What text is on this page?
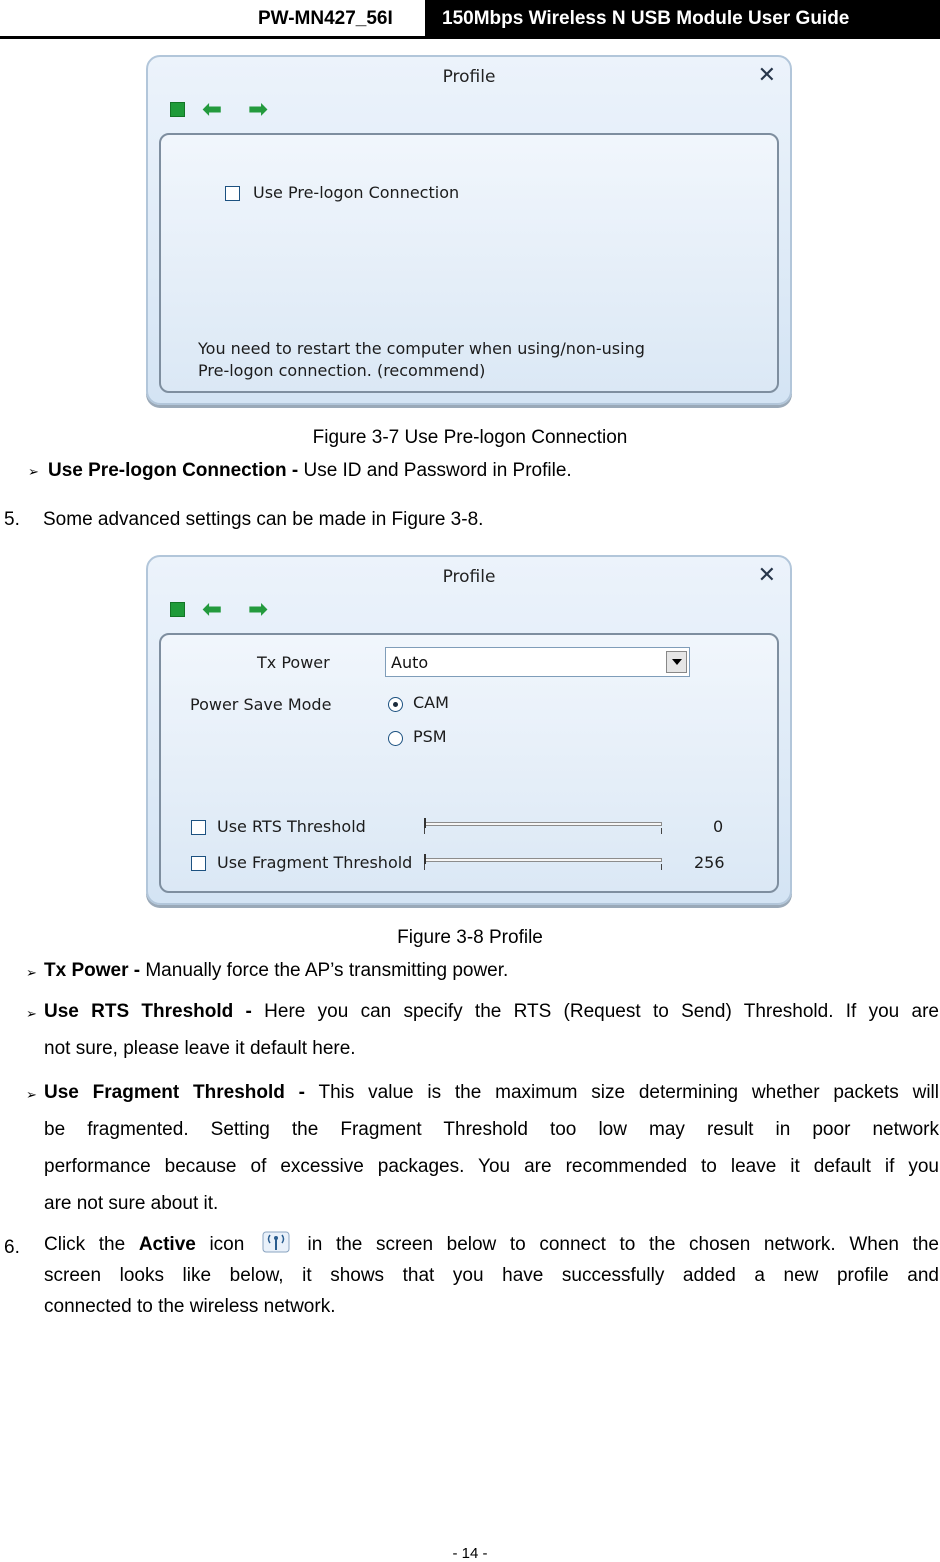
PW-MN427_56I	150Mbps Wireless N USB Module User Guide
Profile	✕
⬅ ➡
Use Pre-logon Connection
You need to restart the computer when using/non-using
Pre-logon connection. (recommend)
Figure 3-7 Use Pre-logon Connection
➢ Use Pre-logon Connection - Use ID and Password in Profile.
5. Some advanced settings can be made in Figure 3-8.
Profile	✕
⬅ ➡
Tx Power	Auto
Power Save Mode	CAM
PSM
Use RTS Threshold	0
Use Fragment Threshold	256
Figure 3-8 Profile
➢ Tx Power - Manually force the AP’s transmitting power.
➢ Use RTS Threshold - Here you can specify the RTS (Request to Send) Threshold. If you are
not sure, please leave it default here.
➢ Use Fragment Threshold - This value is the maximum size determining whether packets will
be fragmented. Setting the Fragment Threshold too low may result in poor network
performance because of excessive packages. You are recommended to leave it default if you
are not sure about it.
6. Click the Active icon  in the screen below to connect to the chosen network. When the
screen looks like below, it shows that you have successfully added a new profile and
connected to the wireless network.
- 14 -
